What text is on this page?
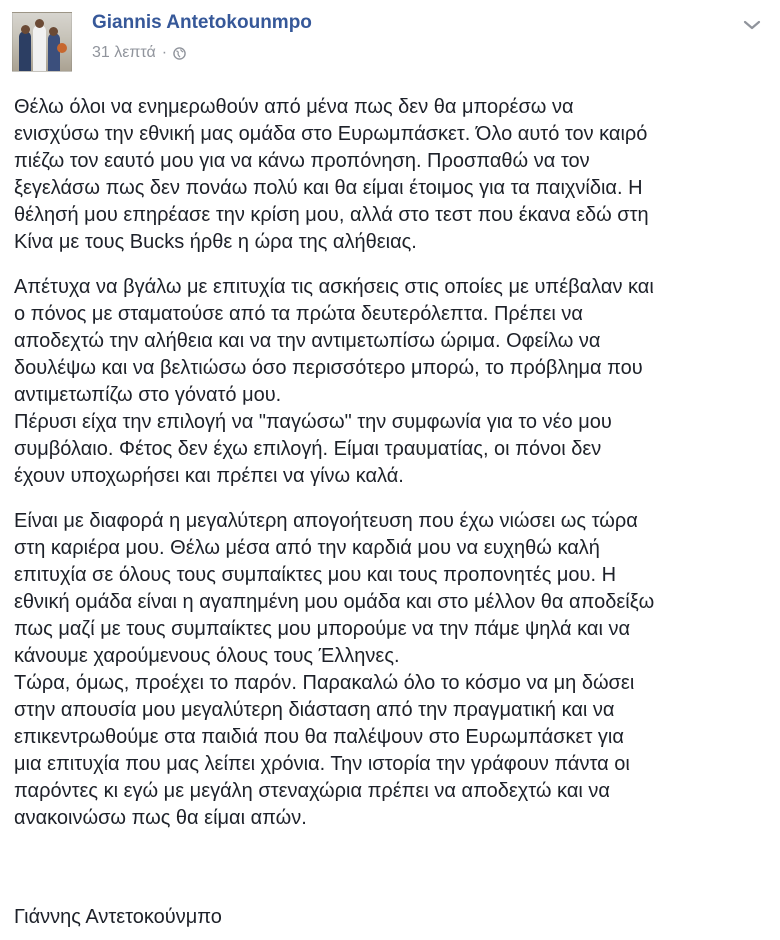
Giannis Antetokounmpo
31 λεπτά ·

Θέλω όλοι να ενημερωθούν από μένα πως δεν θα μπορέσω να
ενισχύσω την εθνική μας ομάδα στο Ευρωμπάσκετ. Όλο αυτό τον καιρό
πιέζω τον εαυτό μου για να κάνω προπόνηση. Προσπαθώ να τον
ξεγελάσω πως δεν πονάω πολύ και θα είμαι έτοιμος για τα παιχνίδια. Η
θέλησή μου επηρέασε την κρίση μου, αλλά στο τεστ που έκανα εδώ στη
Κίνα με τους Bucks ήρθε η ώρα της αλήθειας.

Απέτυχα να βγάλω με επιτυχία τις ασκήσεις στις οποίες με υπέβαλαν και
ο πόνος με σταματούσε από τα πρώτα δευτερόλεπτα. Πρέπει να
αποδεχτώ την αλήθεια και να την αντιμετωπίσω ώριμα. Οφείλω να
δουλέψω και να βελτιώσω όσο περισσότερο μπορώ, το πρόβλημα που
αντιμετωπίζω στο γόνατό μου.
Πέρυσι είχα την επιλογή να "παγώσω" την συμφωνία για το νέο μου
συμβόλαιο. Φέτος δεν έχω επιλογή. Είμαι τραυματίας, οι πόνοι δεν
έχουν υποχωρήσει και πρέπει να γίνω καλά.

Είναι με διαφορά η μεγαλύτερη απογοήτευση που έχω νιώσει ως τώρα
στη καριέρα μου. Θέλω μέσα από την καρδιά μου να ευχηθώ καλή
επιτυχία σε όλους τους συμπαίκτες μου και τους προπονητές μου. Η
εθνική ομάδα είναι η αγαπημένη μου ομάδα και στο μέλλον θα αποδείξω
πως μαζί με τους συμπαίκτες μου μπορούμε να την πάμε ψηλά και να
κάνουμε χαρούμενους όλους τους Έλληνες.
Τώρα, όμως, προέχει το παρόν. Παρακαλώ όλο το κόσμο να μη δώσει
στην απουσία μου μεγαλύτερη διάσταση από την πραγματική και να
επικεντρωθούμε στα παιδιά που θα παλέψουν στο Ευρωμπάσκετ για
μια επιτυχία που μας λείπει χρόνια. Την ιστορία την γράφουν πάντα οι
παρόντες κι εγώ με μεγάλη στεναχώρια πρέπει να αποδεχτώ και να
ανακοινώσω πως θα είμαι απών.

Γιάννης Αντετοκούνμπο
